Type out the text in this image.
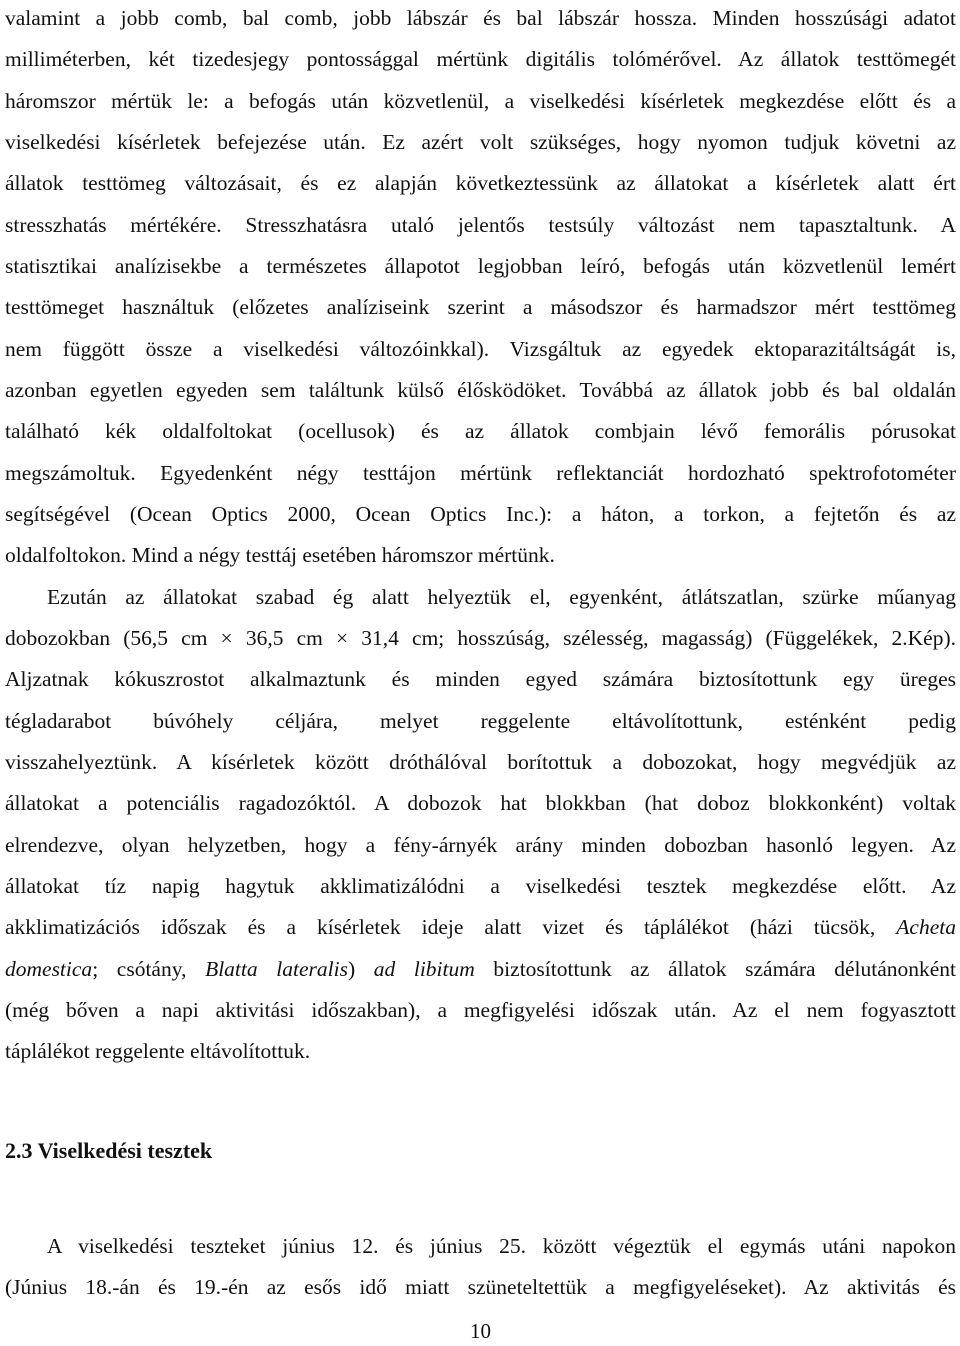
valamint a jobb comb, bal comb, jobb lábszár és bal lábszár hossza. Minden hosszúsági adatot
milliméterben, két tizedesjegy pontossággal mértünk digitális tolómérővel. Az állatok testtömegét
háromszor mértük le: a befogás után közvetlenül, a viselkedési kísérletek megkezdése előtt és a
viselkedési kísérletek befejezése után. Ez azért volt szükséges, hogy nyomon tudjuk követni az
állatok testtömeg változásait, és ez alapján következtessünk az állatokat a kísérletek alatt ért
stresszhatás mértékére. Stresszhatásra utaló jelentős testsúly változást nem tapasztaltunk. A
statisztikai analízisekbe a természetes állapotot legjobban leíró, befogás után közvetlenül lemért
testtömeget használtuk (előzetes analíziseink szerint a másodszor és harmadszor mért testtömeg
nem függött össze a viselkedési változóinkkal). Vizsgáltuk az egyedek ektoparazitáltságát is,
azonban egyetlen egyeden sem találtunk külső élősködöket. Továbbá az állatok jobb és bal oldalán
található kék oldalfoltokat (ocellusok) és az állatok combjain lévő femorális pórusokat
megszámoltuk. Egyedenként négy testtájon mértünk reflektanciát hordozható spektrofotométer
segítségével (Ocean Optics 2000, Ocean Optics Inc.): a háton, a torkon, a fejtetőn és az
oldalfoltokon. Mind a négy testtáj esetében háromszor mértünk.
Ezután az állatokat szabad ég alatt helyeztük el, egyenként, átlátszatlan, szürke műanyag
dobozokban (56,5 cm × 36,5 cm × 31,4 cm; hosszúság, szélesség, magasság) (Függelékek, 2.Kép).
Aljzatnak kókuszrostot alkalmaztunk és minden egyed számára biztosítottunk egy üreges
tégladarabot búvóhely céljára, melyet reggelente eltávolítottunk, esténként pedig
visszahelyeztünk. A kísérletek között dróthálóval borítottuk a dobozokat, hogy megvédjük az
állatokat a potenciális ragadozóktól. A dobozok hat blokkban (hat doboz blokkonként) voltak
elrendezve, olyan helyzetben, hogy a fény-árnyék arány minden dobozban hasonló legyen. Az
állatokat tíz napig hagytuk akklimatizálódni a viselkedési tesztek megkezdése előtt. Az
akklimatizációs időszak és a kísérletek ideje alatt vizet és táplálékot (házi tücsök, Acheta
domestica; csótány, Blatta lateralis) ad libitum biztosítottunk az állatok számára délutánonként
(még bőven a napi aktivitási időszakban), a megfigyelési időszak után. Az el nem fogyasztott
táplálékot reggelente eltávolítottuk.
2.3 Viselkedési tesztek
A viselkedési teszteket június 12. és június 25. között végeztük el egymás utáni napokon
(Június 18.-án és 19.-én az esős idő miatt szüneteltettük a megfigyeléseket). Az aktivitás és
10
